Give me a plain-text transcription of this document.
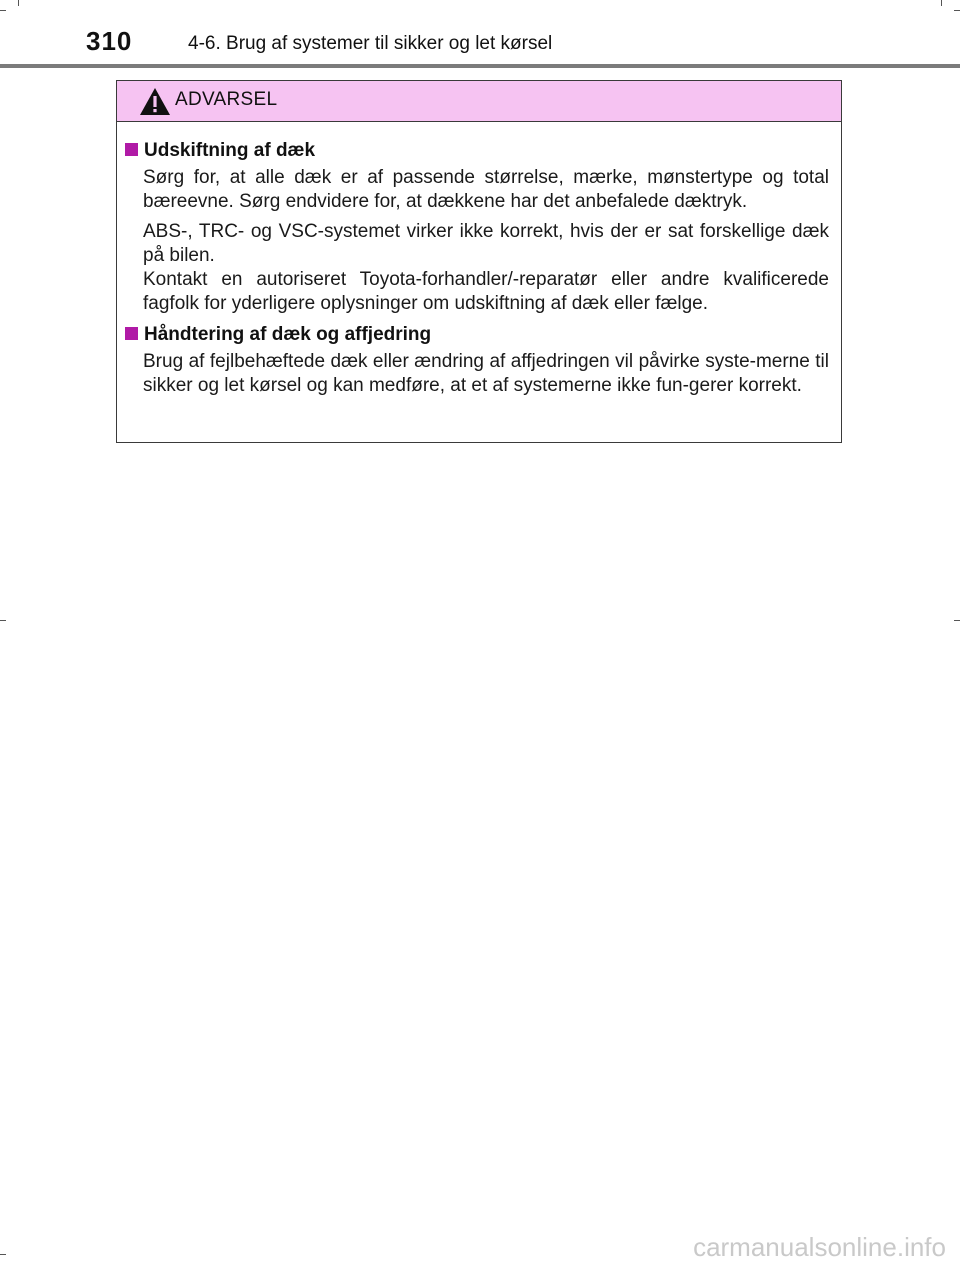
310	4-6. Brug af systemer til sikker og let kørsel
ADVARSEL
Udskiftning af dæk
Sørg for, at alle dæk er af passende størrelse, mærke, mønstertype og total bæreevne. Sørg endvidere for, at dækkene har det anbefalede dæktryk.
ABS-, TRC- og VSC-systemet virker ikke korrekt, hvis der er sat forskellige dæk på bilen.
Kontakt en autoriseret Toyota-forhandler/-reparatør eller andre kvalificerede fagfolk for yderligere oplysninger om udskiftning af dæk eller fælge.
Håndtering af dæk og affjedring
Brug af fejlbehæftede dæk eller ændring af affjedringen vil påvirke syste-merne til sikker og let kørsel og kan medføre, at et af systemerne ikke fun-gerer korrekt.
carmanualsonline.info
